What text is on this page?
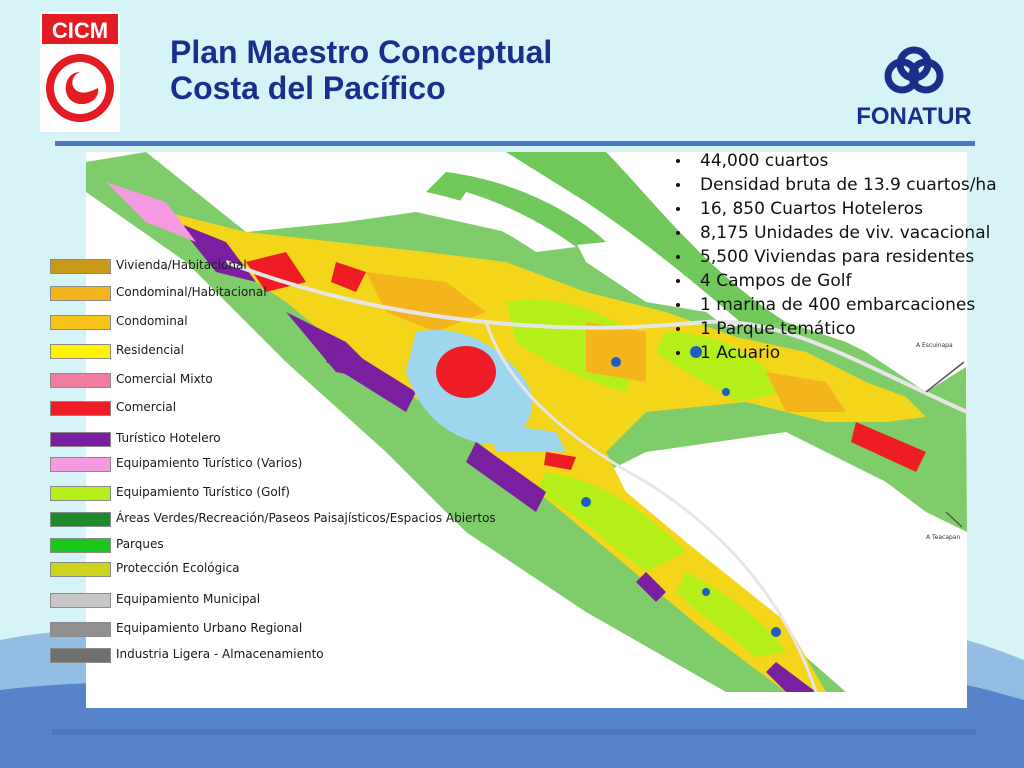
CICM
Plan Maestro Conceptual
Costa del Pacífico
FONATUR
A Escuinapa
A Teacapan
Vivienda/Habitacional
Condominal/Habitacional
Condominal
Residencial
Comercial Mixto
Comercial
Turístico Hotelero
Equipamiento Turístico (Varios)
Equipamiento Turístico (Golf)
Áreas Verdes/Recreación/Paseos Paisajísticos/Espacios Abiertos
Parques
Protección Ecológica
Equipamiento Municipal
Equipamiento Urbano Regional
Industria Ligera - Almacenamiento
44,000 cuartos
Densidad bruta de 13.9 cuartos/ha
16, 850 Cuartos Hoteleros
8,175 Unidades de viv. vacacional
5,500 Viviendas para residentes
4 Campos de Golf
1 marina de 400 embarcaciones
1 Parque temático
1 Acuario
